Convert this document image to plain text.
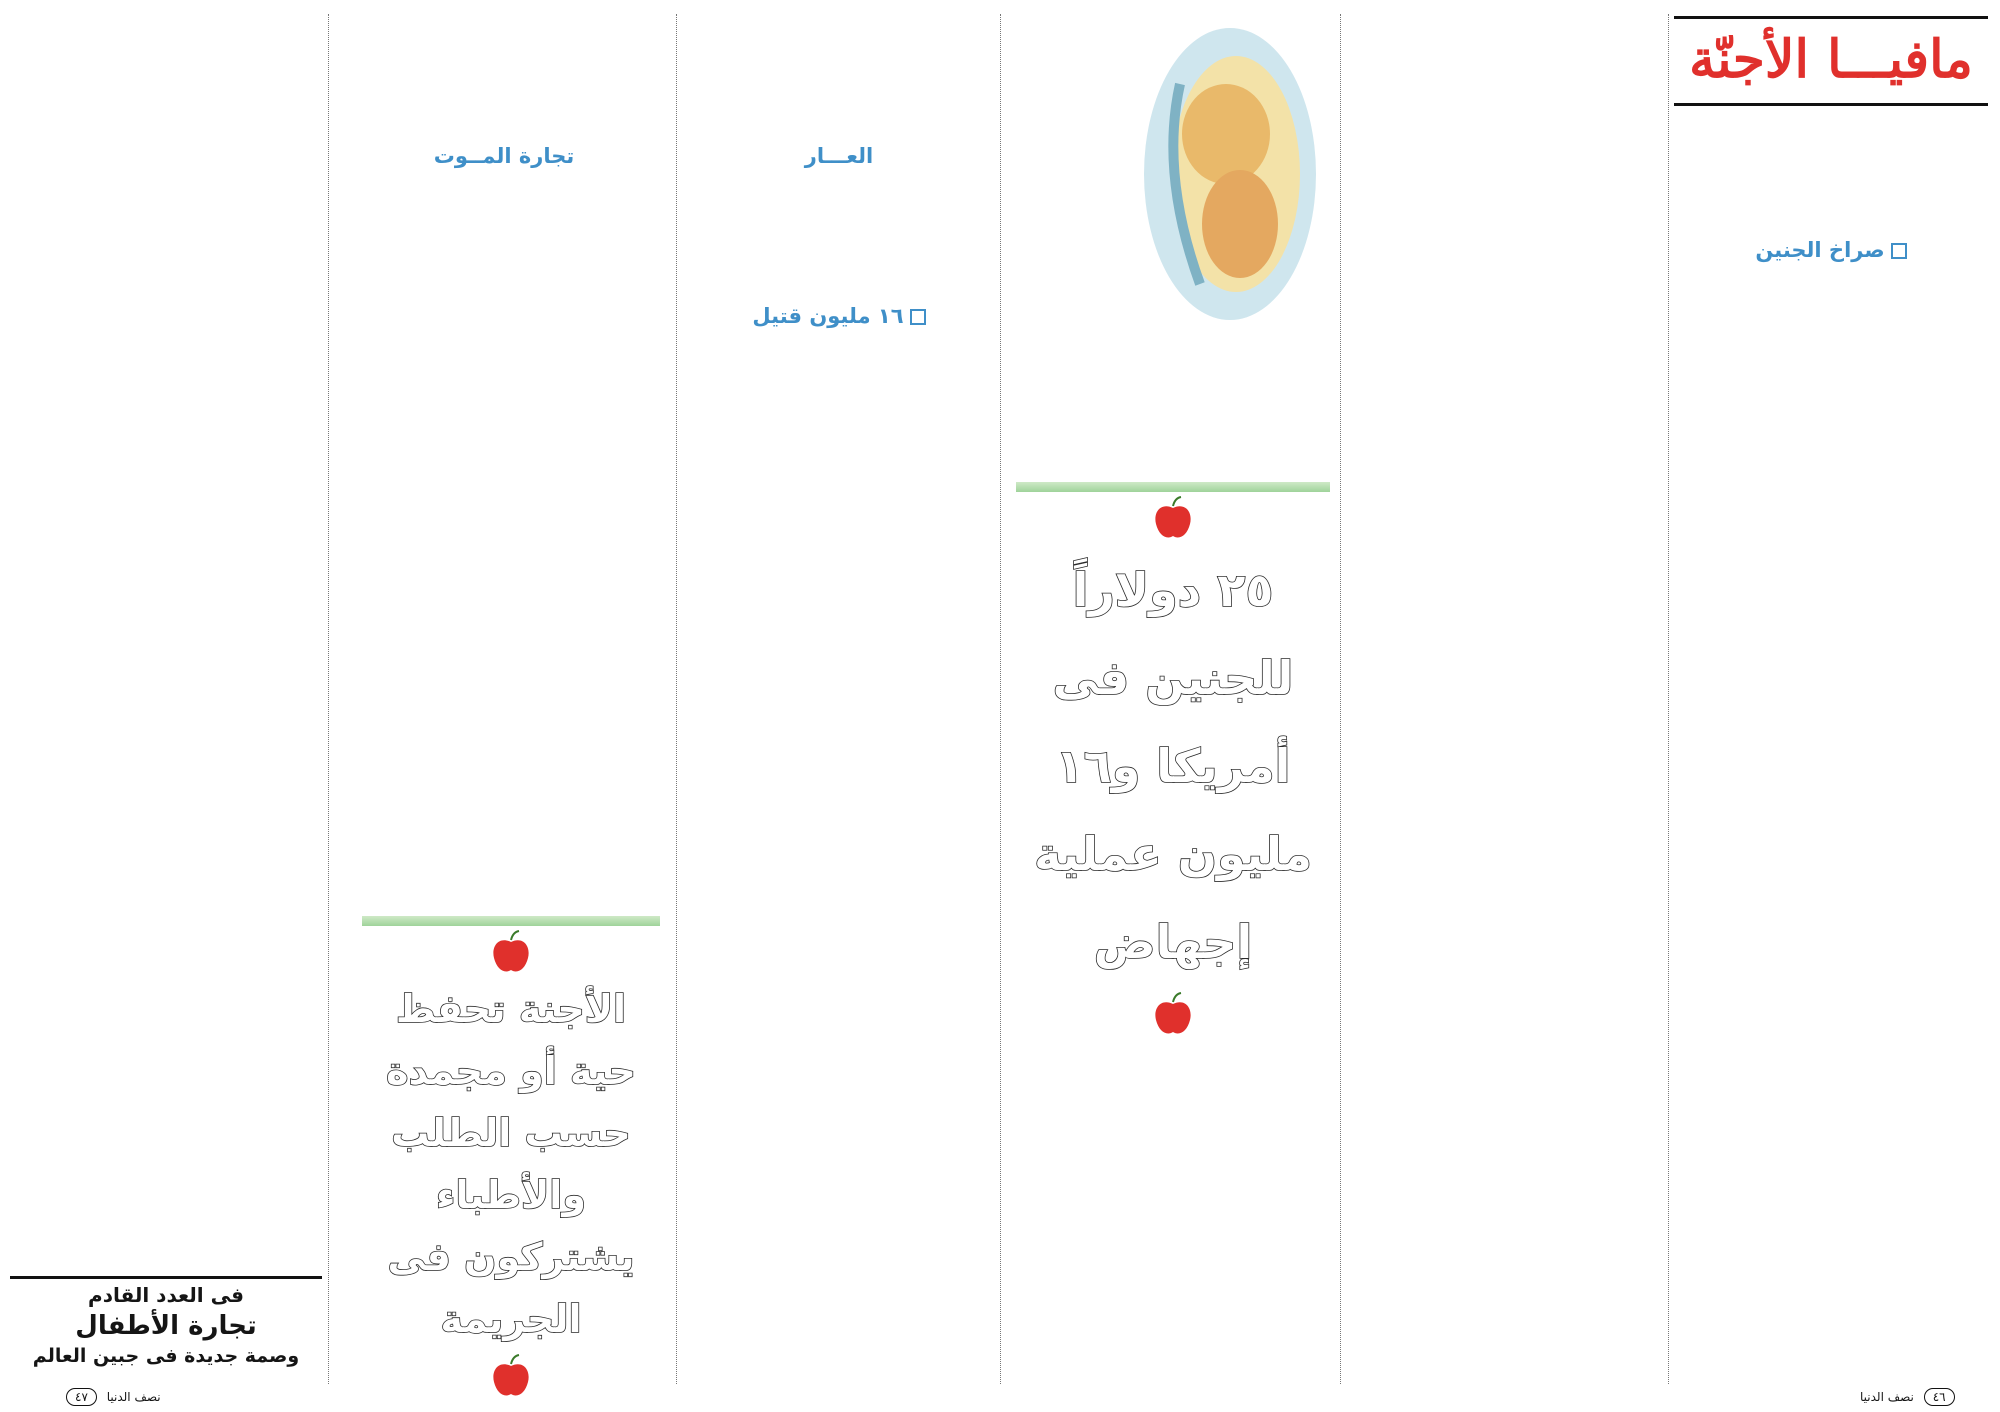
مافيـــا الأجنّة

صراخ الجنين

٢٥ دولاراً للجنين فى أمريكا و١٦ مليون عملية إجهاض

العـــار

١٦ مليون قتيل

تجارة المــوت

الأجنة تحفظ حية أو مجمدة حسب الطلب والأطباء يشتركون فى الجريمة

فى العدد القادم
تجارة الأطفال
وصمة جديدة فى جبين العالم
نصف الدنيا ٤٧	٤٦ نصف الدنيا
